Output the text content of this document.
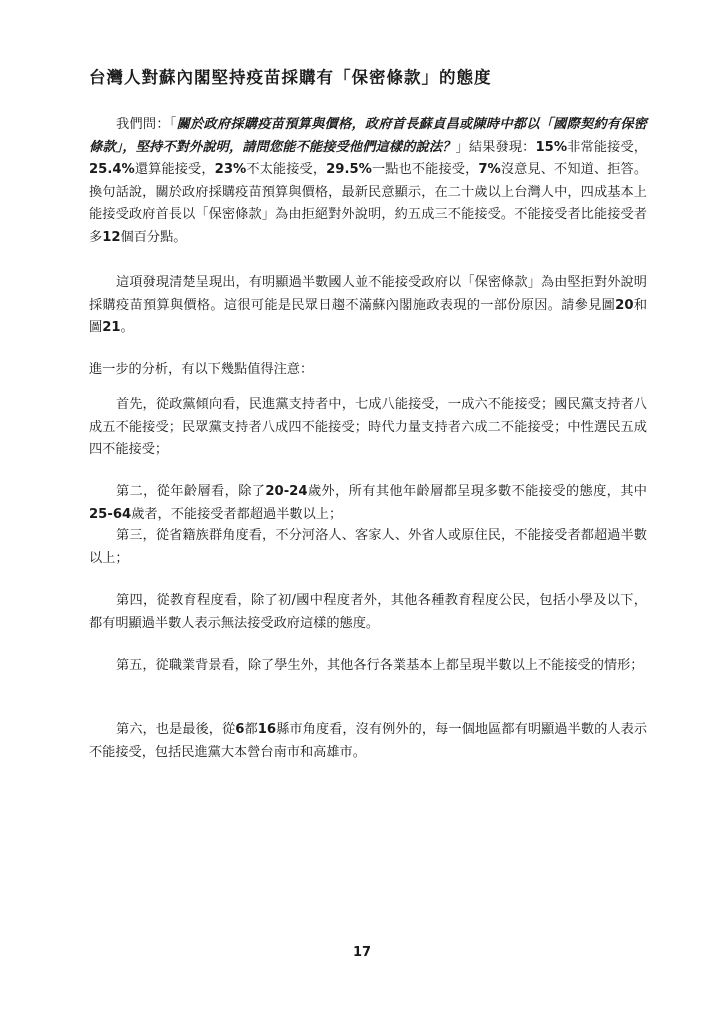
台灣人對蘇內閣堅持疫苗採購有「保密條款」的態度

我們問：「關於政府採購疫苗預算與價格，政府首長蘇貞昌或陳時中都以「國際契約有保密條款」，堅持不對外說明，請問您能不能接受他們這樣的說法？」結果發現：15%非常能接受，25.4%還算能接受，23%不太能接受，29.5%一點也不能接受，7%沒意見、不知道、拒答。換句話說，關於政府採購疫苗預算與價格，最新民意顯示，在二十歲以上台灣人中，四成基本上能接受政府首長以「保密條款」為由拒絕對外說明，約五成三不能接受。不能接受者比能接受者多12個百分點。

這項發現清楚呈現出，有明顯過半數國人並不能接受政府以「保密條款」為由堅拒對外說明採購疫苗預算與價格。這很可能是民眾日趨不滿蘇內閣施政表現的一部份原因。請參見圖20和圖21。

進一步的分析，有以下幾點值得注意：

首先，從政黨傾向看，民進黨支持者中，七成八能接受，一成六不能接受；國民黨支持者八成五不能接受；民眾黨支持者八成四不能接受；時代力量支持者六成二不能接受；中性選民五成四不能接受；

第二，從年齡層看，除了20-24歲外，所有其他年齡層都呈現多數不能接受的態度，其中25-64歲者，不能接受者都超過半數以上；

第三，從省籍族群角度看，不分河洛人、客家人、外省人或原住民，不能接受者都超過半數以上；

第四，從教育程度看，除了初/國中程度者外，其他各種教育程度公民，包括小學及以下，都有明顯過半數人表示無法接受政府這樣的態度。

第五，從職業背景看，除了學生外，其他各行各業基本上都呈現半數以上不能接受的情形；

第六，也是最後，從6都16縣市角度看，沒有例外的，每一個地區都有明顯過半數的人表示不能接受，包括民進黨大本營台南市和高雄市。

17
